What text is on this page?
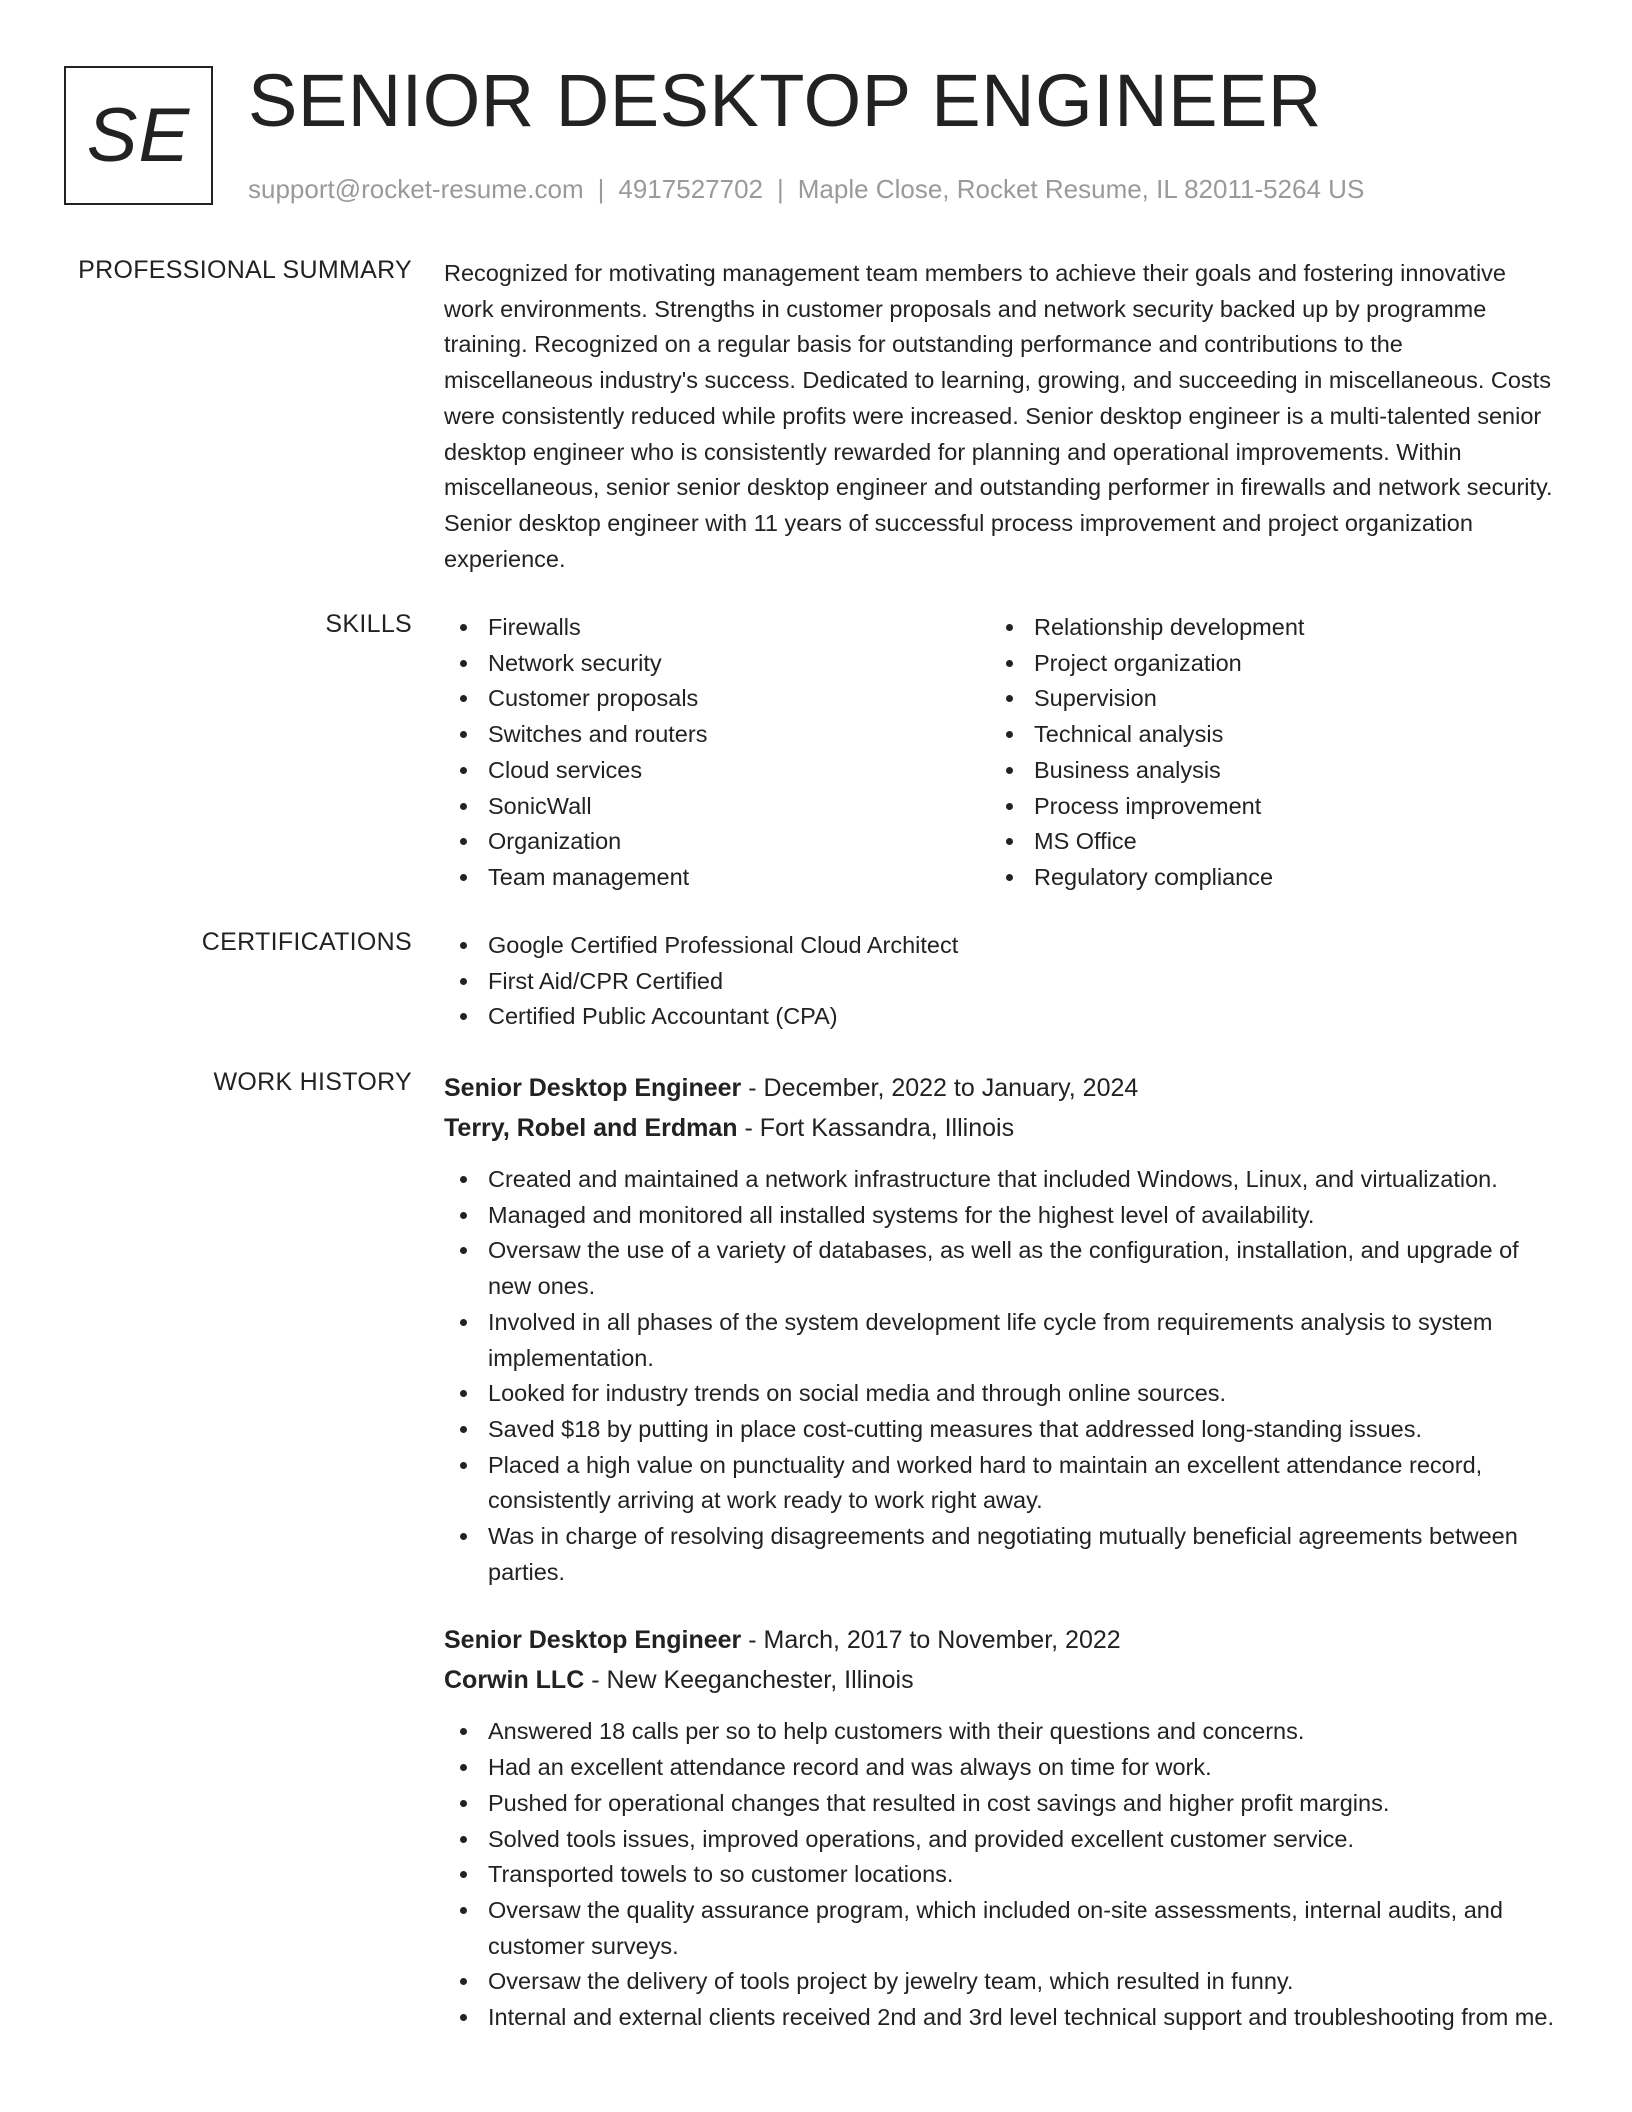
SE SENIOR DESKTOP ENGINEER
support@rocket-resume.com | 4917527702 | Maple Close, Rocket Resume, IL 82011-5264 US
PROFESSIONAL SUMMARY Recognized for motivating management team members to achieve their goals and fostering innovative work environments. Strengths in customer proposals and network security backed up by programme training. Recognized on a regular basis for outstanding performance and contributions to the miscellaneous industry's success. Dedicated to learning, growing, and succeeding in miscellaneous. Costs were consistently reduced while profits were increased. Senior desktop engineer is a multi-talented senior desktop engineer who is consistently rewarded for planning and operational improvements. Within miscellaneous, senior senior desktop engineer and outstanding performer in firewalls and network security. Senior desktop engineer with 11 years of successful process improvement and project organization experience.

SKILLS	Firewalls
Network security
Customer proposals
Switches and routers
Cloud services
SonicWall
Organization
Team management
Relationship development
Project organization
Supervision
Technical analysis
Business analysis
Process improvement
MS Office
Regulatory compliance
CERTIFICATIONS	Google Certified Professional Cloud Architect
First Aid/CPR Certified
Certified Public Accountant (CPA)
WORK HISTORY Senior Desktop Engineer - December, 2022 to January, 2024
Terry, Robel and Erdman - Fort Kassandra, Illinois
Created and maintained a network infrastructure that included Windows, Linux, and virtualization.
Managed and monitored all installed systems for the highest level of availability.
Oversaw the use of a variety of databases, as well as the configuration, installation, and upgrade of new ones.
Involved in all phases of the system development life cycle from requirements analysis to system implementation.
Looked for industry trends on social media and through online sources.
Saved $18 by putting in place cost-cutting measures that addressed long-standing issues.
Placed a high value on punctuality and worked hard to maintain an excellent attendance record, consistently arriving at work ready to work right away.
Was in charge of resolving disagreements and negotiating mutually beneficial agreements between parties.
Senior Desktop Engineer - March, 2017 to November, 2022
Corwin LLC - New Keeganchester, Illinois
Answered 18 calls per so to help customers with their questions and concerns.
Had an excellent attendance record and was always on time for work.
Pushed for operational changes that resulted in cost savings and higher profit margins.
Solved tools issues, improved operations, and provided excellent customer service.
Transported towels to so customer locations.
Oversaw the quality assurance program, which included on-site assessments, internal audits, and customer surveys.
Oversaw the delivery of tools project by jewelry team, which resulted in funny.
Internal and external clients received 2nd and 3rd level technical support and troubleshooting from me.
